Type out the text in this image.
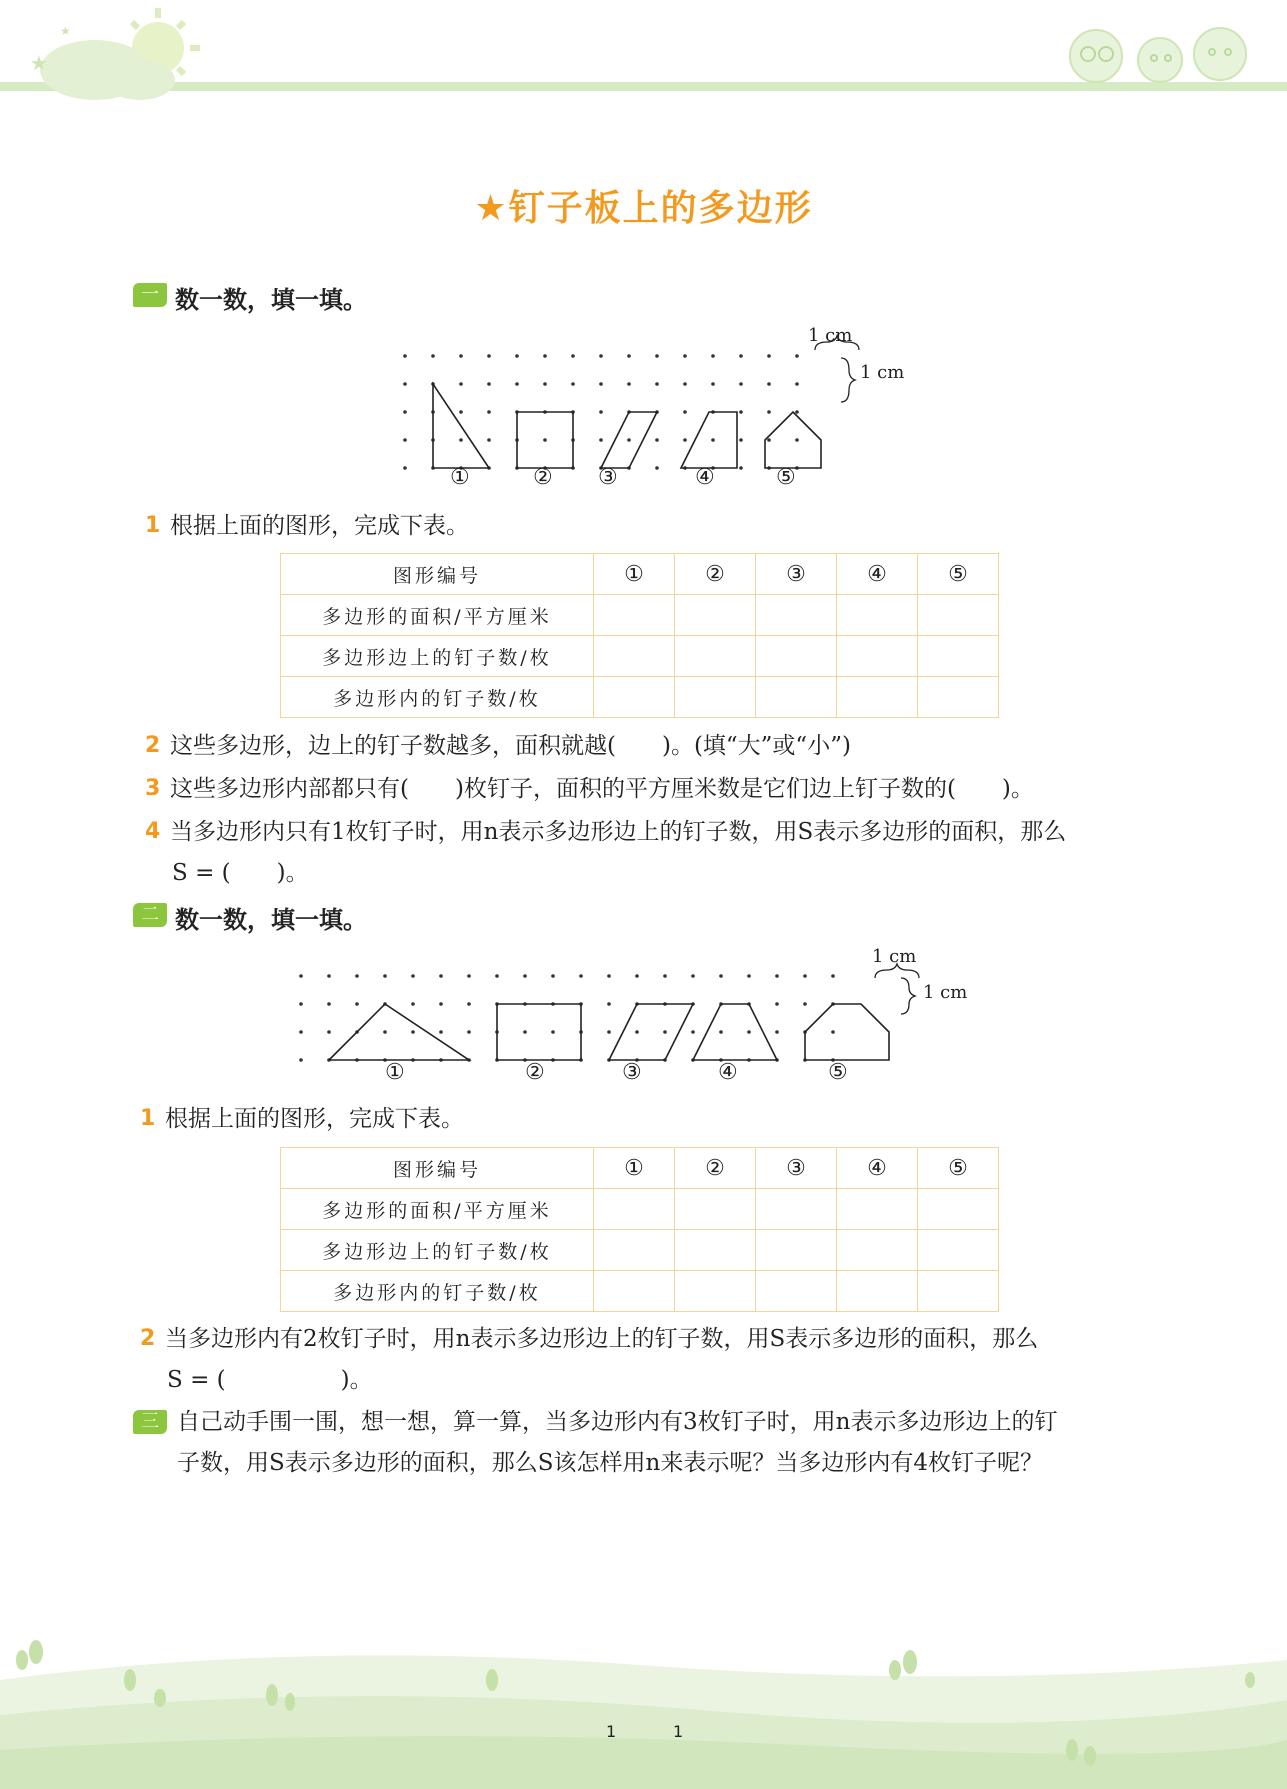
★
★
★钉子板上的多边形
一 数一数，填一填。
1 cm
1 cm
①	② ③	④	⑤
1 根据上面的图形，完成下表。
图形编号	①	②	③	④	⑤
多边形的面积/平方厘米					
多边形边上的钉子数/枚					
多边形内的钉子数/枚					
2 这些多边形，边上的钉子数越多，面积就越(　　)。(填“大”或“小”)
3 这些多边形内部都只有(　　)枚钉子，面积的平方厘米数是它们边上钉子数的(　　)。
4 当多边形内只有1枚钉子时，用n表示多边形边上的钉子数，用S表示多边形的面积，那么
S = (　　)。
二 数一数，填一填。
1 cm
1 cm
①	②	③	④	⑤
1 根据上面的图形，完成下表。
图形编号	①	②	③	④	⑤
多边形的面积/平方厘米					
多边形边上的钉子数/枚					
多边形内的钉子数/枚					
2 当多边形内有2枚钉子时，用n表示多边形边上的钉子数，用S表示多边形的面积，那么
S = (　　　　　)。
三 自己动手围一围，想一想，算一算，当多边形内有3枚钉子时，用n表示多边形边上的钉
子数，用S表示多边形的面积，那么S该怎样用n来表示呢？当多边形内有4枚钉子呢？
1	1
